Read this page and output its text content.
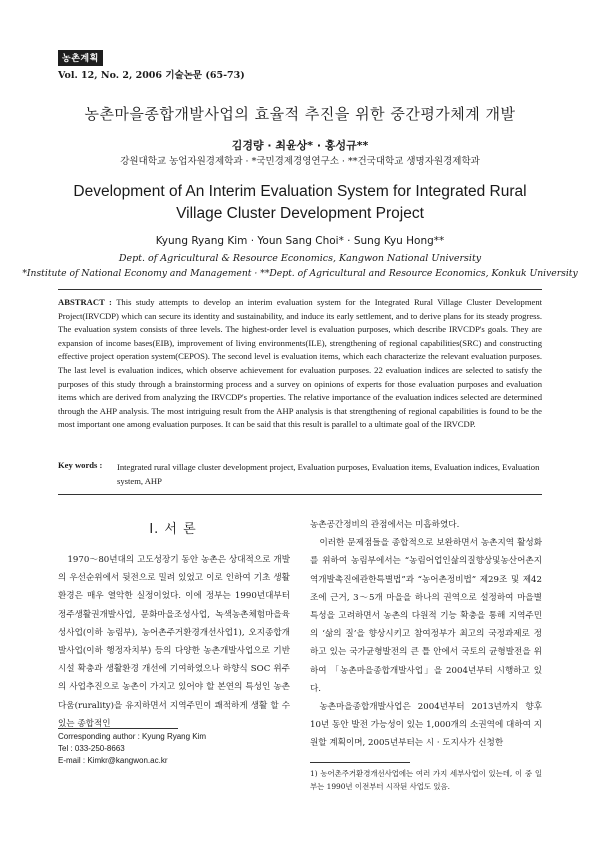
농촌계획
Vol. 12, No. 2, 2006 기술논문 (65-73)
농촌마을종합개발사업의 효율적 추진을 위한 중간평가체계 개발
김경량 · 최윤상* · 홍성규**
강원대학교 농업자원경제학과 · *국민경제경영연구소 · **건국대학교 생명자원경제학과
Development of An Interim Evaluation System for Integrated Rural Village Cluster Development Project
Kyung Ryang Kim · Youn Sang Choi* · Sung Kyu Hong**
Dept. of Agricultural & Resource Economics, Kangwon National University
*Institute of National Economy and Management · **Dept. of Agricultural and Resource Economics, Konkuk University
ABSTRACT : This study attempts to develop an interim evaluation system for the Integrated Rural Village Cluster Development Project(IRVCDP) which can secure its identity and sustainability, and induce its early settlement, and to derive plans for its steady progress. The evaluation system consists of three levels. The highest-order level is evaluation purposes, which describe IRVCDP's goals. They are expansion of income bases(EIB), improvement of living environments(ILE), strengthening of regional capabilities(SRC) and constructing effective project operation system(CEPOS). The second level is evaluation items, which each characterize the relevant evaluation purposes. The last level is evaluation indices, which observe achievement for evaluation purposes. 22 evaluation indices are selected to satisfy the purposes of this study through a brainstorming process and a survey on opinions of experts for those evaluation purposes and evaluation items which are derived from analyzing the IRVCDP's properties. The relative importance of the evaluation indices selected are determined through the AHP analysis. The most intriguing result from the AHP analysis is that strengthening of regional capabilities is found to be the most important one among evaluation purposes. It can be said that this result is parallel to a ultimate goal of the IRVCDP.
Key words : Integrated rural village cluster development project, Evaluation purposes, Evaluation items, Evaluation indices, Evaluation system, AHP
Ⅰ. 서 론

1970～80년대의 고도성장기 동안 농촌은 상대적으로 개발의 우선순위에서 뒷전으로 밀려 있었고 이로 인하여 기초 생활환경은 매우 열악한 실정이었다. 이에 정부는 1990년대부터 정주생활권개발사업, 문화마을조성사업, 녹색농촌체험마을육성사업(이하 농림부), 농어촌주거환경개선사업1), 오지종합개발사업(이하 행정자치부) 등의 다양한 농촌개발사업으로 기반시설 확충과 생활환경 개선에 기여하였으나 하향식 SOC 위주의 사업추진으로 농촌이 가지고 있어야 할 본연의 특성인 농촌다움(rurality)을 유지하면서 지역주민이 쾌적하게 생활 할 수 있는 종합적인

농촌공간정비의 관점에서는 미흡하였다.

이러한 문제점들을 종합적으로 보완하면서 농촌지역 활성화를 위하여 농림부에서는 “농림어업인삶의질향상및농산어촌지역개발촉진에관한특별법”과 “농어촌정비법” 제29조 및 제42조에 근거, 3～5개 마을을 하나의 권역으로 설정하여 마을별 특성을 고려하면서 농촌의 다원적 기능 확충을 통해 지역주민의 ‘삶의 질’을 향상시키고 참여정부가 최고의 국정과제로 정하고 있는 국가균형발전의 큰 틀 안에서 국토의 균형발전을 위하여 「농촌마을종합개발사업」을 2004년부터 시행하고 있다.

농촌마을종합개발사업은 2004년부터 2013년까지 향후 10년 동안 발전 가능성이 있는 1,000개의 소권역에 대하여 지원할 계획이며, 2005년부터는 시 · 도지사가 신청한

Corresponding author : Kyung Ryang Kim
Tel : 033-250-8663
E-mail : Kimkr@kangwon.ac.kr
1) 농어촌주거환경개선사업에는 여러 가지 세부사업이 있는데, 이 중 일부는 1990년 이전부터 시작된 사업도 있음.
